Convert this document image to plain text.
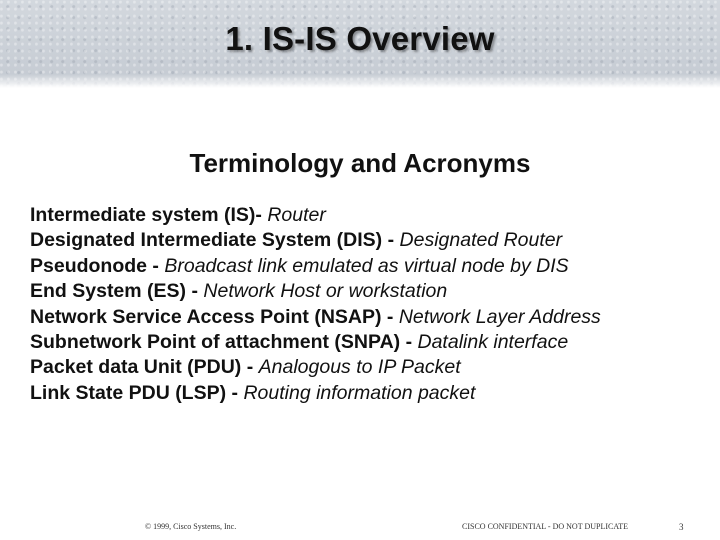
1. IS-IS Overview
Terminology and Acronyms
Intermediate system (IS)- Router
Designated Intermediate System (DIS) - Designated Router
Pseudonode - Broadcast link emulated as virtual node by DIS
End System (ES) - Network Host or workstation
Network Service Access Point (NSAP) - Network Layer Address
Subnetwork Point of attachment (SNPA) - Datalink interface
Packet data Unit (PDU) - Analogous to IP Packet
Link State PDU (LSP) - Routing information packet
© 1999, Cisco Systems, Inc.	CISCO CONFIDENTIAL - DO NOT DUPLICATE	3
